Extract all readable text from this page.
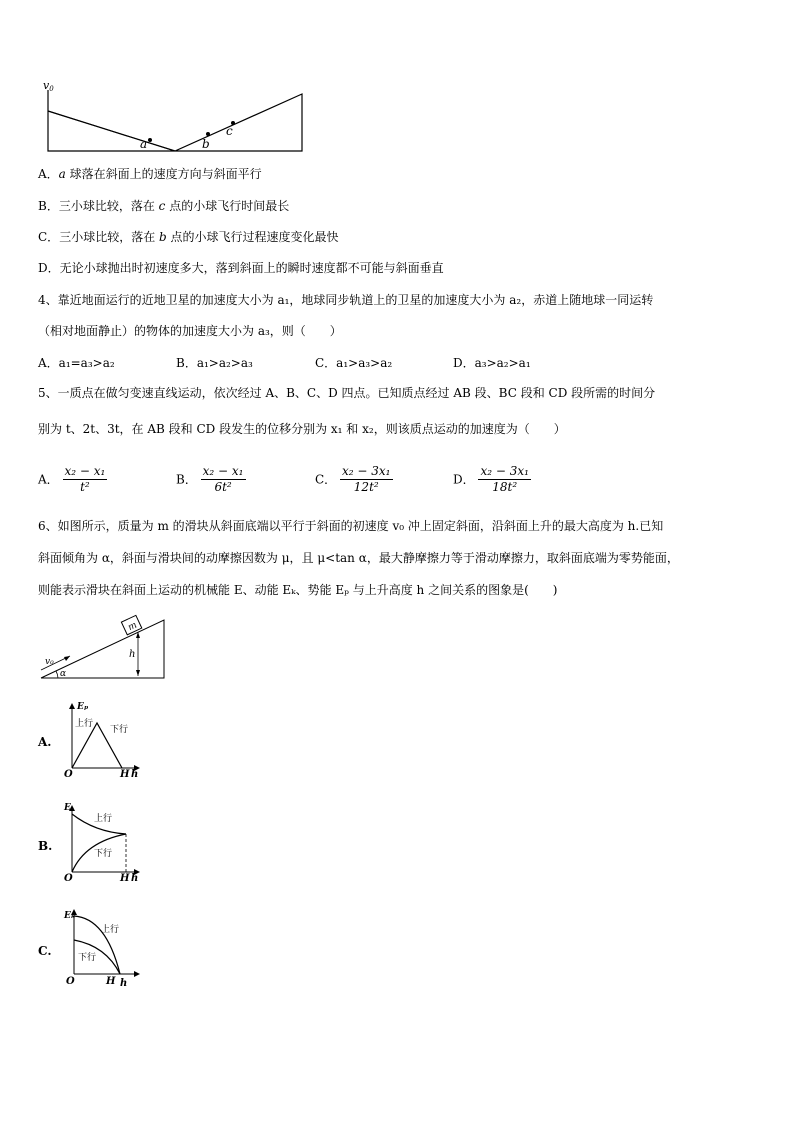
v0
a	b
c
A．a 球落在斜面上的速度方向与斜面平行
B．三小球比较，落在 c 点的小球飞行时间最长
C．三小球比较，落在 b 点的小球飞行过程速度变化最快
D．无论小球抛出时初速度多大，落到斜面上的瞬时速度都不可能与斜面垂直
4、靠近地面运行的近地卫星的加速度大小为 a₁，地球同步轨道上的卫星的加速度大小为 a₂，赤道上随地球一同运转
（相对地面静止）的物体的加速度大小为 a₃，则（　　）
A．a₁=a₃>a₂	B．a₁>a₂>a₃	C．a₁>a₃>a₂	D．a₃>a₂>a₁
5、一质点在做匀变速直线运动，依次经过 A、B、C、D 四点。已知质点经过 AB 段、BC 段和 CD 段所需的时间分
别为 t、2t、3t，在 AB 段和 CD 段发生的位移分别为 x₁ 和 x₂，则该质点运动的加速度为（　　）
A． $\frac{\text{x₂ − x₁}}{\text{t²}}$	B． $\frac{\text{x₂ − x₁}}{\text{6t²}}$	C． $\frac{\text{x₂ − 3x₁}}{\text{12t²}}$	D． $\frac{\text{x₂ − 3x₁}}{\text{18t²}}$
6、如图所示，质量为 m 的滑块从斜面底端以平行于斜面的初速度 v₀ 冲上固定斜面，沿斜面上升的最大高度为 h.已知
斜面倾角为 α，斜面与滑块间的动摩擦因数为 μ，且 μ<tan α，最大静摩擦力等于滑动摩擦力，取斜面底端为零势能面，
则能表示滑块在斜面上运动的机械能 E、动能 Eₖ、势能 Eₚ 与上升高度 h 之间关系的图象是(　　)
m
h
v₀
α
A.
Eₚ
上行
下行
O	H h
B.
E
上行
下行
O	H h
C.
Eₖ
上行
下行
O	H h
